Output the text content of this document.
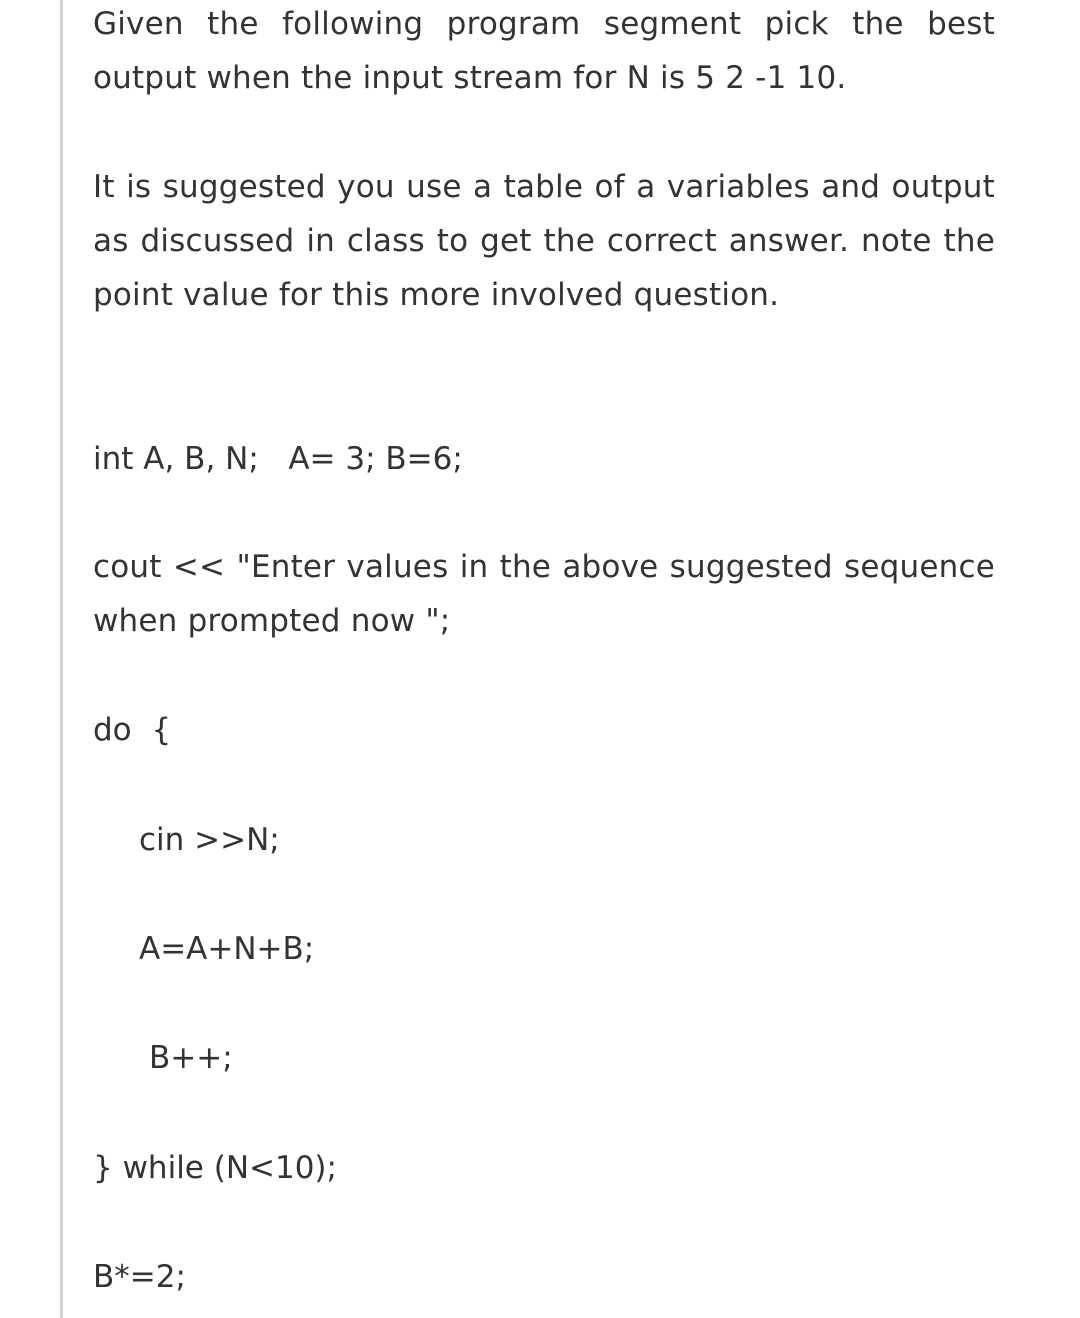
Given the following program segment pick the best output when the input stream for N is 5 2 -1 10.

It is suggested you use a table of a variables and output as discussed in class to get the correct answer. note the point value for this more involved question.

int A, B, N;   A= 3; B=6;

cout << "Enter values in the above suggested sequence when prompted now ";

do  {

cin >>N;

A=A+N+B;

B++;

} while (N<10);

B*=2;
